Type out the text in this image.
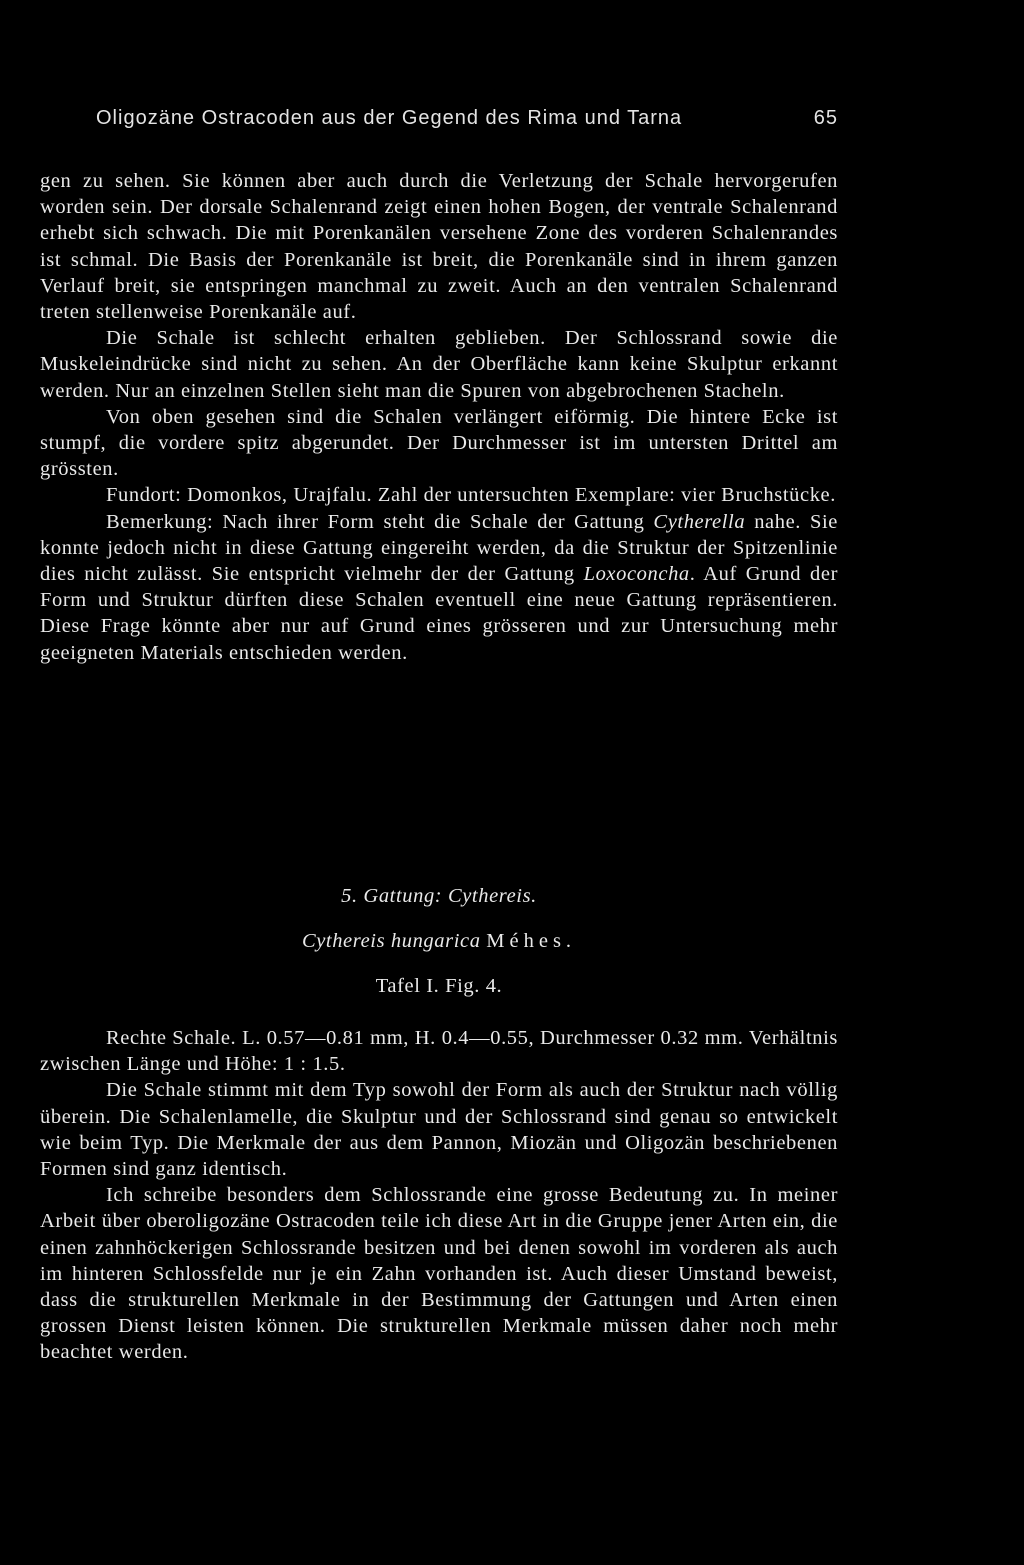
Oligozäne Ostracoden aus der Gegend des Rima und Tarna	65

gen zu sehen. Sie können aber auch durch die Verletzung der Schale hervorgerufen worden sein. Der dorsale Schalenrand zeigt einen hohen Bogen, der ventrale Schalenrand erhebt sich schwach. Die mit Porenkanälen versehene Zone des vorderen Schalenrandes ist schmal. Die Basis der Porenkanäle ist breit, die Porenkanäle sind in ihrem ganzen Verlauf breit, sie entspringen manchmal zu zweit. Auch an den ventralen Schalenrand treten stellenweise Porenkanäle auf.

Die Schale ist schlecht erhalten geblieben. Der Schlossrand sowie die Muskeleindrücke sind nicht zu sehen. An der Oberfläche kann keine Skulptur erkannt werden. Nur an einzelnen Stellen sieht man die Spuren von abgebrochenen Stacheln.

Von oben gesehen sind die Schalen verlängert eiförmig. Die hintere Ecke ist stumpf, die vordere spitz abgerundet. Der Durchmesser ist im untersten Drittel am grössten.

Fundort: Domonkos, Urajfalu. Zahl der untersuchten Exemplare: vier Bruchstücke.

Bemerkung: Nach ihrer Form steht die Schale der Gattung Cytherella nahe. Sie konnte jedoch nicht in diese Gattung eingereiht werden, da die Struktur der Spitzenlinie dies nicht zulässt. Sie entspricht vielmehr der der Gattung Loxoconcha. Auf Grund der Form und Struktur dürften diese Schalen eventuell eine neue Gattung repräsentieren. Diese Frage könnte aber nur auf Grund eines grösseren und zur Untersuchung mehr geeigneten Materials entschieden werden.

5. Gattung: Cythereis.
Cythereis hungarica Méhes.
Tafel I. Fig. 4.

Rechte Schale. L. 0.57—0.81 mm, H. 0.4—0.55, Durchmesser 0.32 mm. Verhältnis zwischen Länge und Höhe: 1 : 1.5.

Die Schale stimmt mit dem Typ sowohl der Form als auch der Struktur nach völlig überein. Die Schalenlamelle, die Skulptur und der Schlossrand sind genau so entwickelt wie beim Typ. Die Merkmale der aus dem Pannon, Miozän und Oligozän beschriebenen Formen sind ganz identisch.

Ich schreibe besonders dem Schlossrande eine grosse Bedeutung zu. In meiner Arbeit über oberoligozäne Ostracoden teile ich diese Art in die Gruppe jener Arten ein, die einen zahnhöckerigen Schlossrande besitzen und bei denen sowohl im vorderen als auch im hinteren Schlossfelde nur je ein Zahn vorhanden ist. Auch dieser Umstand beweist, dass die strukturellen Merkmale in der Bestimmung der Gattungen und Arten einen grossen Dienst leisten können. Die strukturellen Merkmale müssen daher noch mehr beachtet werden.
